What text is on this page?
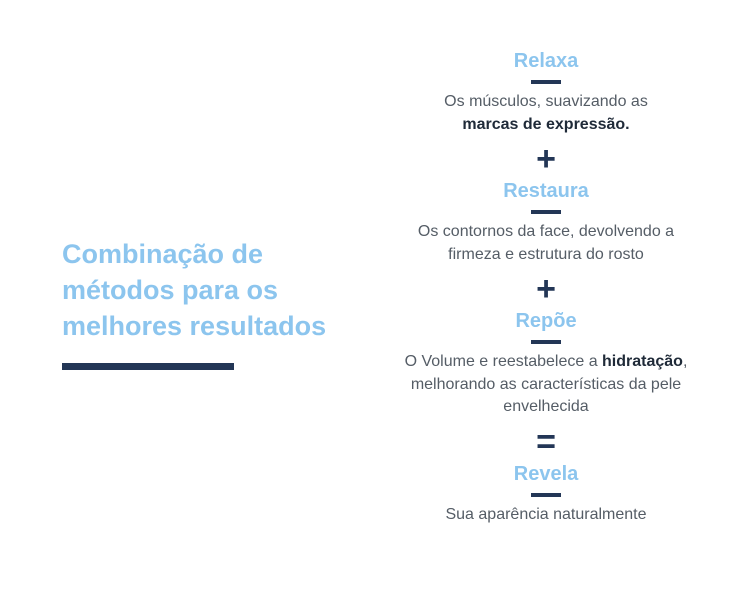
Combinação de
métodos para os
melhores resultados

Relaxa

Os músculos, suavizando as
marcas de expressão.

+

Restaura

Os contornos da face, devolvendo a
firmeza e estrutura do rosto

+

Repõe

O Volume e reestabelece a hidratação,
melhorando as características da pele
envelhecida

=

Revela

Sua aparência naturalmente
